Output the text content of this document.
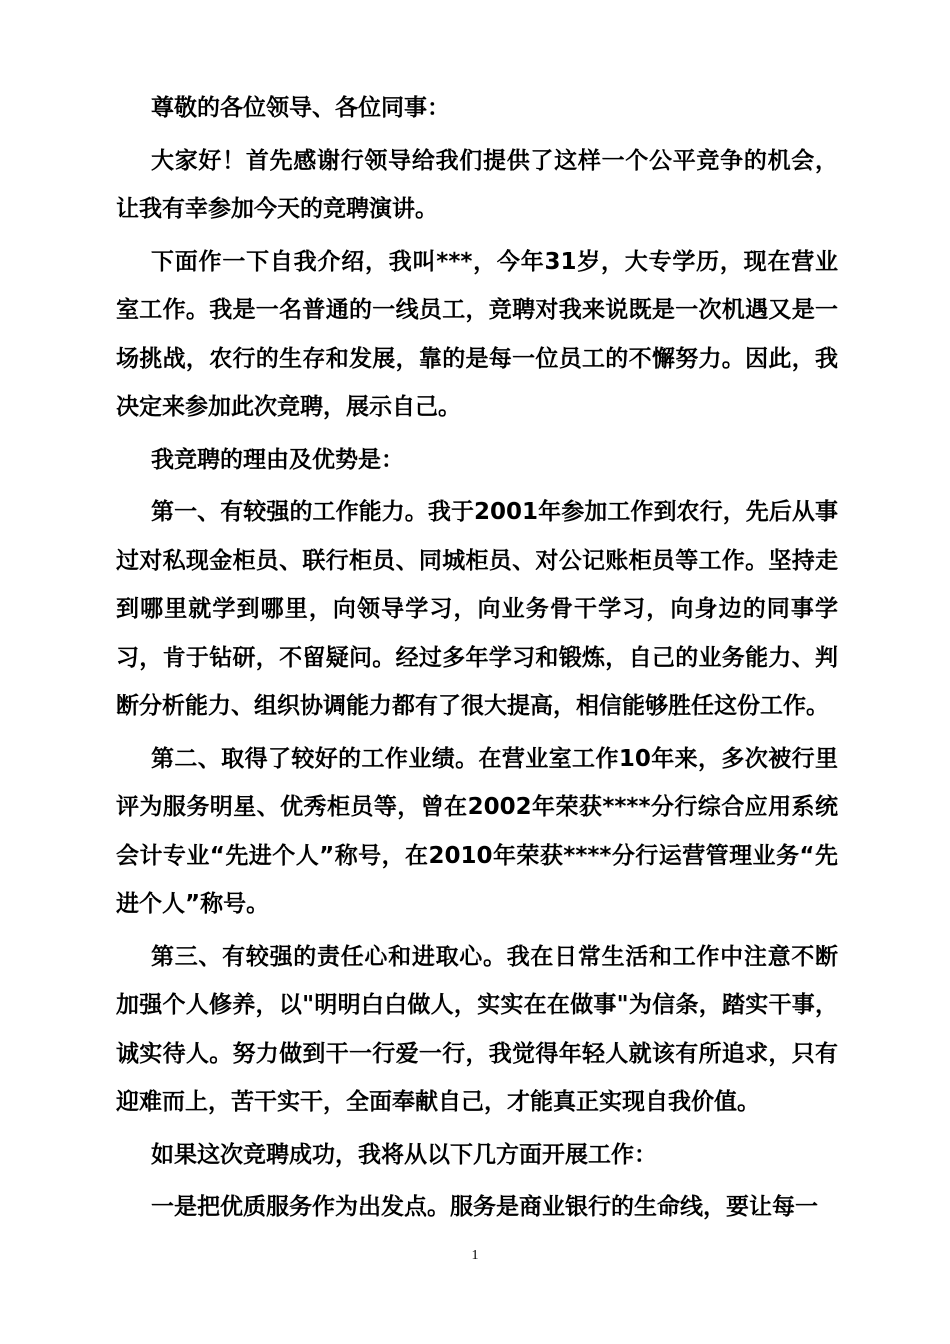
尊敬的各位领导、各位同事：

大家好！首先感谢行领导给我们提供了这样一个公平竞争的机会，让我有幸参加今天的竞聘演讲。

下面作一下自我介绍，我叫***，今年31岁，大专学历，现在营业室工作。我是一名普通的一线员工，竞聘对我来说既是一次机遇又是一场挑战，农行的生存和发展，靠的是每一位员工的不懈努力。因此，我决定来参加此次竞聘，展示自己。

我竞聘的理由及优势是：

第一、有较强的工作能力。我于2001年参加工作到农行，先后从事过对私现金柜员、联行柜员、同城柜员、对公记账柜员等工作。坚持走到哪里就学到哪里，向领导学习，向业务骨干学习，向身边的同事学习，肯于钻研，不留疑问。经过多年学习和锻炼，自己的业务能力、判断分析能力、组织协调能力都有了很大提高，相信能够胜任这份工作。

第二、取得了较好的工作业绩。在营业室工作10年来，多次被行里评为服务明星、优秀柜员等，曾在2002年荣获****分行综合应用系统会计专业“先进个人”称号，在2010年荣获****分行运营管理业务“先进个人”称号。

第三、有较强的责任心和进取心。我在日常生活和工作中注意不断加强个人修养，以"明明白白做人，实实在在做事"为信条，踏实干事，诚实待人。努力做到干一行爱一行，我觉得年轻人就该有所追求，只有迎难而上，苦干实干，全面奉献自己，才能真正实现自我价值。

如果这次竞聘成功，我将从以下几方面开展工作：

一是把优质服务作为出发点。服务是商业银行的生命线，要让每一

1
